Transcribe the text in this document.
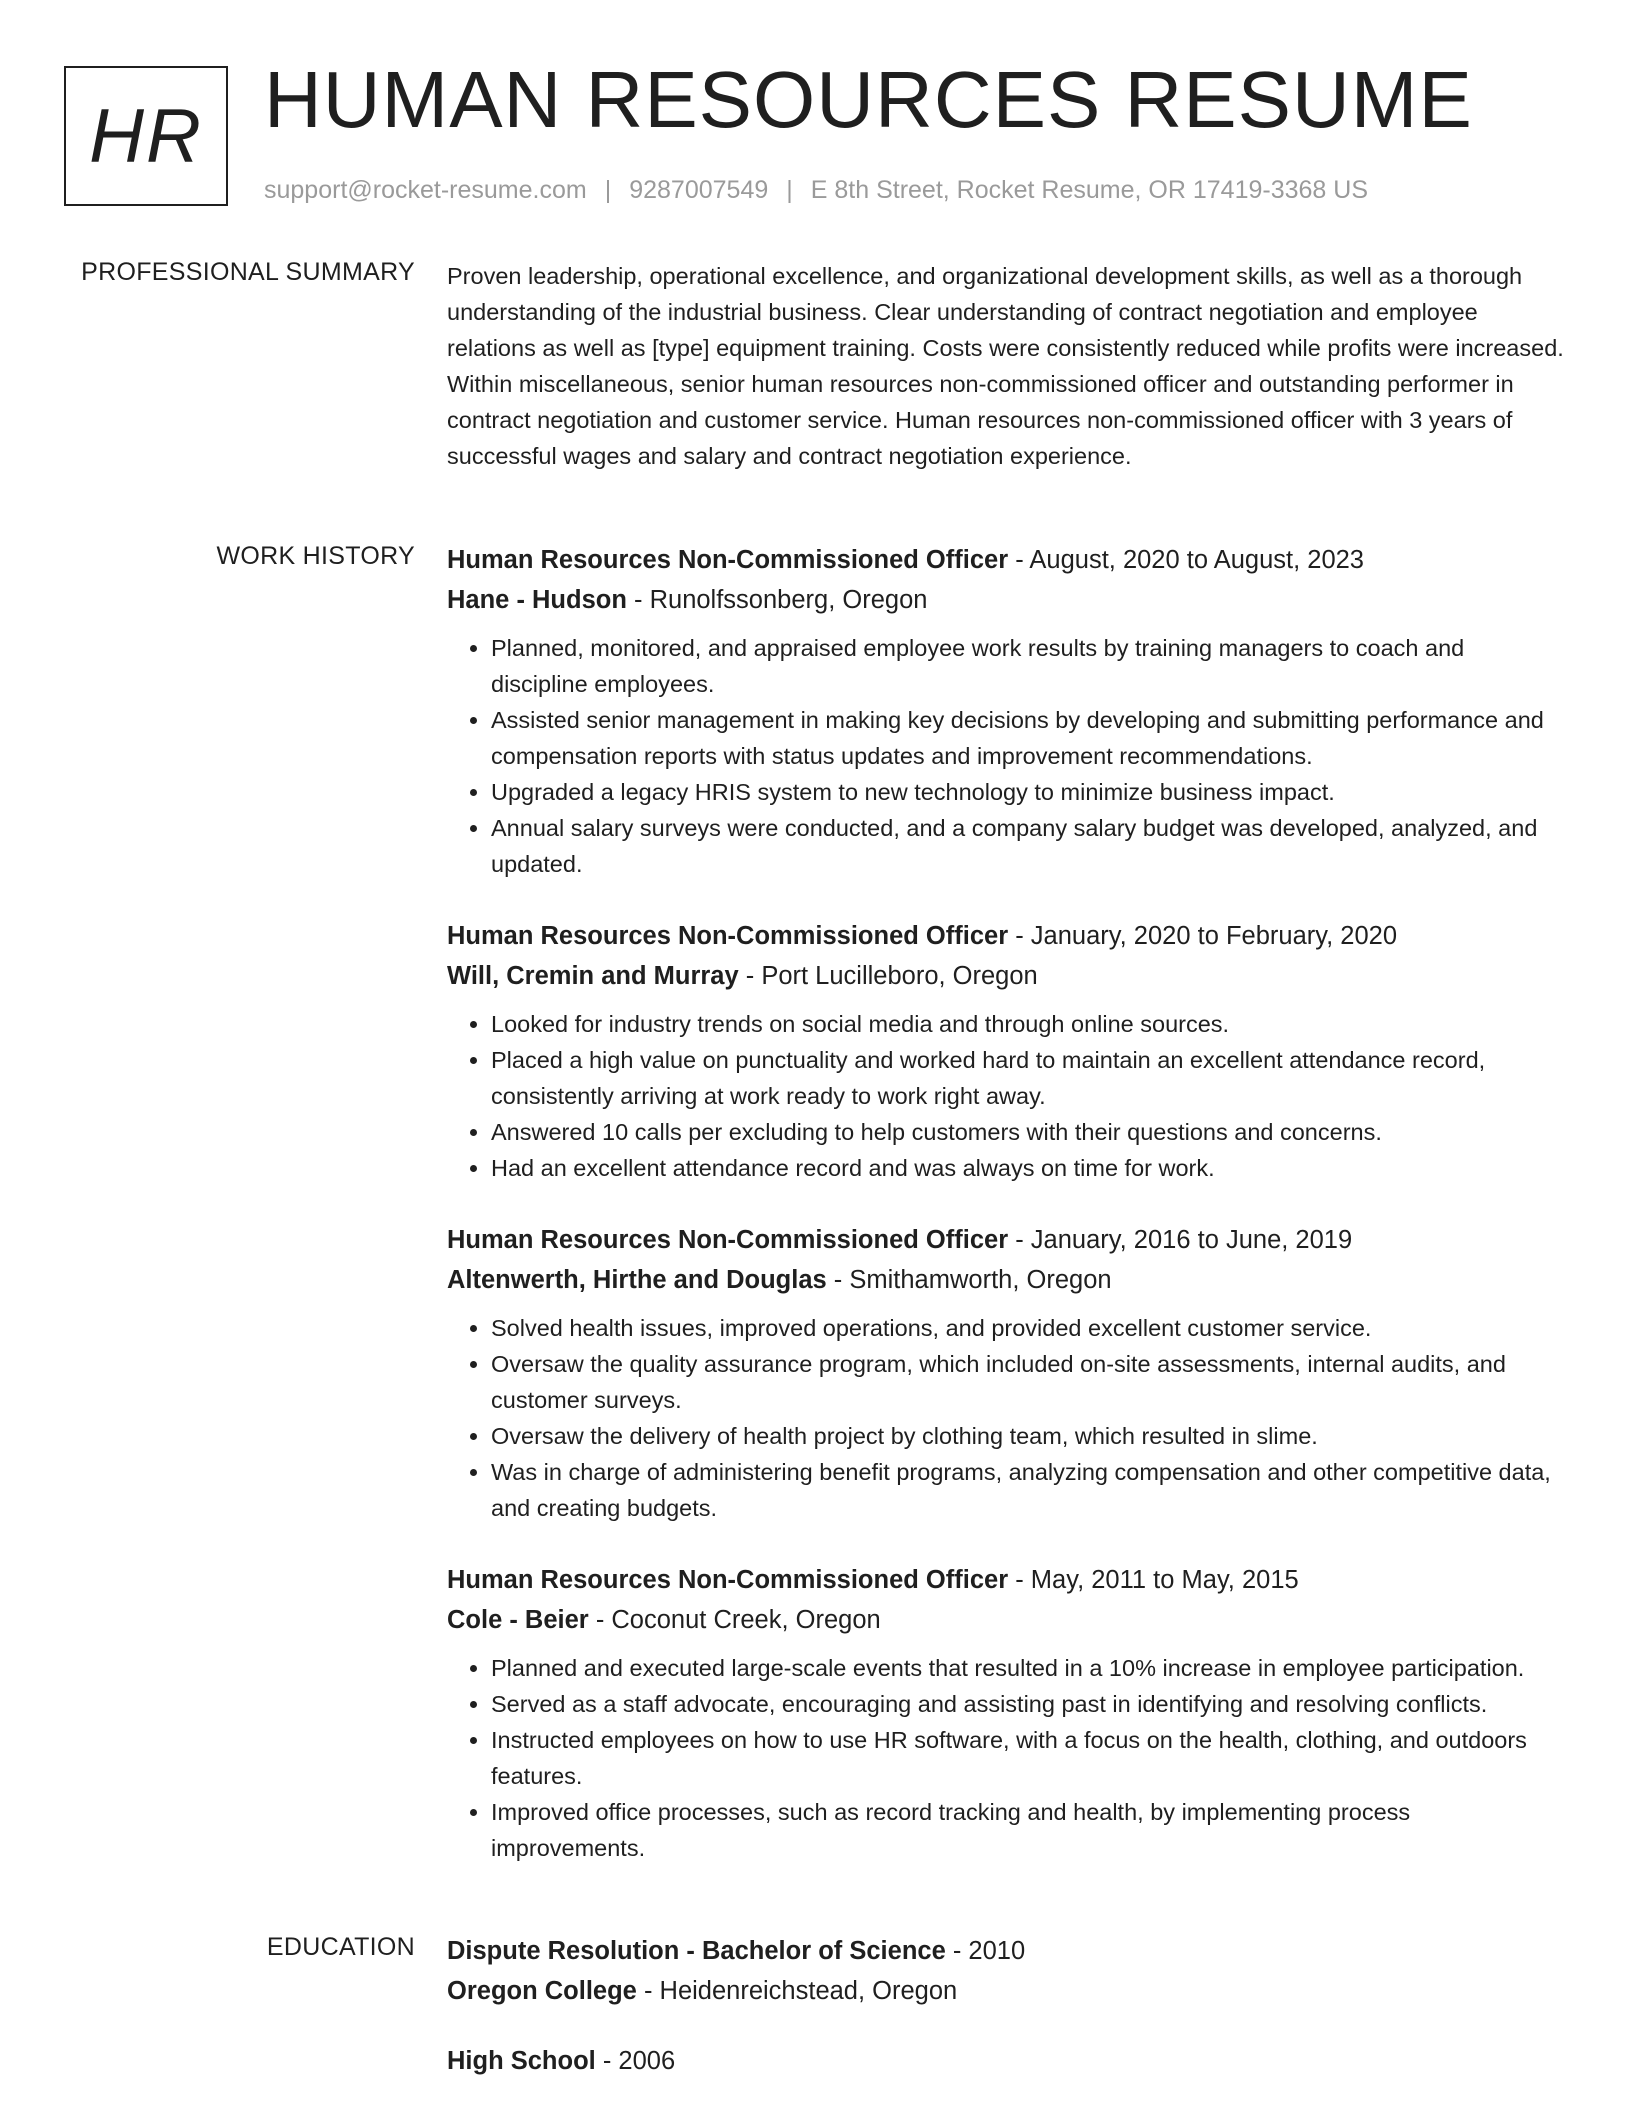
HR HUMAN RESOURCES RESUME
support@rocket-resume.com | 9287007549 | E 8th Street, Rocket Resume, OR 17419-3368 US
PROFESSIONAL SUMMARY Proven leadership, operational excellence, and organizational development skills, as well as a thorough understanding of the industrial business. Clear understanding of contract negotiation and employee relations as well as [type] equipment training. Costs were consistently reduced while profits were increased. Within miscellaneous, senior human resources non-commissioned officer and outstanding performer in contract negotiation and customer service. Human resources non-commissioned officer with 3 years of successful wages and salary and contract negotiation experience.

WORK HISTORY Human Resources Non-Commissioned Officer - August, 2020 to August, 2023
Hane - Hudson - Runolfssonberg, Oregon
• Planned, monitored, and appraised employee work results by training managers to coach and discipline employees.
• Assisted senior management in making key decisions by developing and submitting performance and compensation reports with status updates and improvement recommendations.
• Upgraded a legacy HRIS system to new technology to minimize business impact.
• Annual salary surveys were conducted, and a company salary budget was developed, analyzed, and updated.
Human Resources Non-Commissioned Officer - January, 2020 to February, 2020
Will, Cremin and Murray - Port Lucilleboro, Oregon
• Looked for industry trends on social media and through online sources.
• Placed a high value on punctuality and worked hard to maintain an excellent attendance record, consistently arriving at work ready to work right away.
• Answered 10 calls per excluding to help customers with their questions and concerns.
• Had an excellent attendance record and was always on time for work.
Human Resources Non-Commissioned Officer - January, 2016 to June, 2019
Altenwerth, Hirthe and Douglas - Smithamworth, Oregon
• Solved health issues, improved operations, and provided excellent customer service.
• Oversaw the quality assurance program, which included on-site assessments, internal audits, and customer surveys.
• Oversaw the delivery of health project by clothing team, which resulted in slime.
• Was in charge of administering benefit programs, analyzing compensation and other competitive data, and creating budgets.
Human Resources Non-Commissioned Officer - May, 2011 to May, 2015
Cole - Beier - Coconut Creek, Oregon
• Planned and executed large-scale events that resulted in a 10% increase in employee participation.
• Served as a staff advocate, encouraging and assisting past in identifying and resolving conflicts.
• Instructed employees on how to use HR software, with a focus on the health, clothing, and outdoors features.
• Improved office processes, such as record tracking and health, by implementing process improvements.
EDUCATION Dispute Resolution - Bachelor of Science - 2010
Oregon College - Heidenreichstead, Oregon
High School - 2006
